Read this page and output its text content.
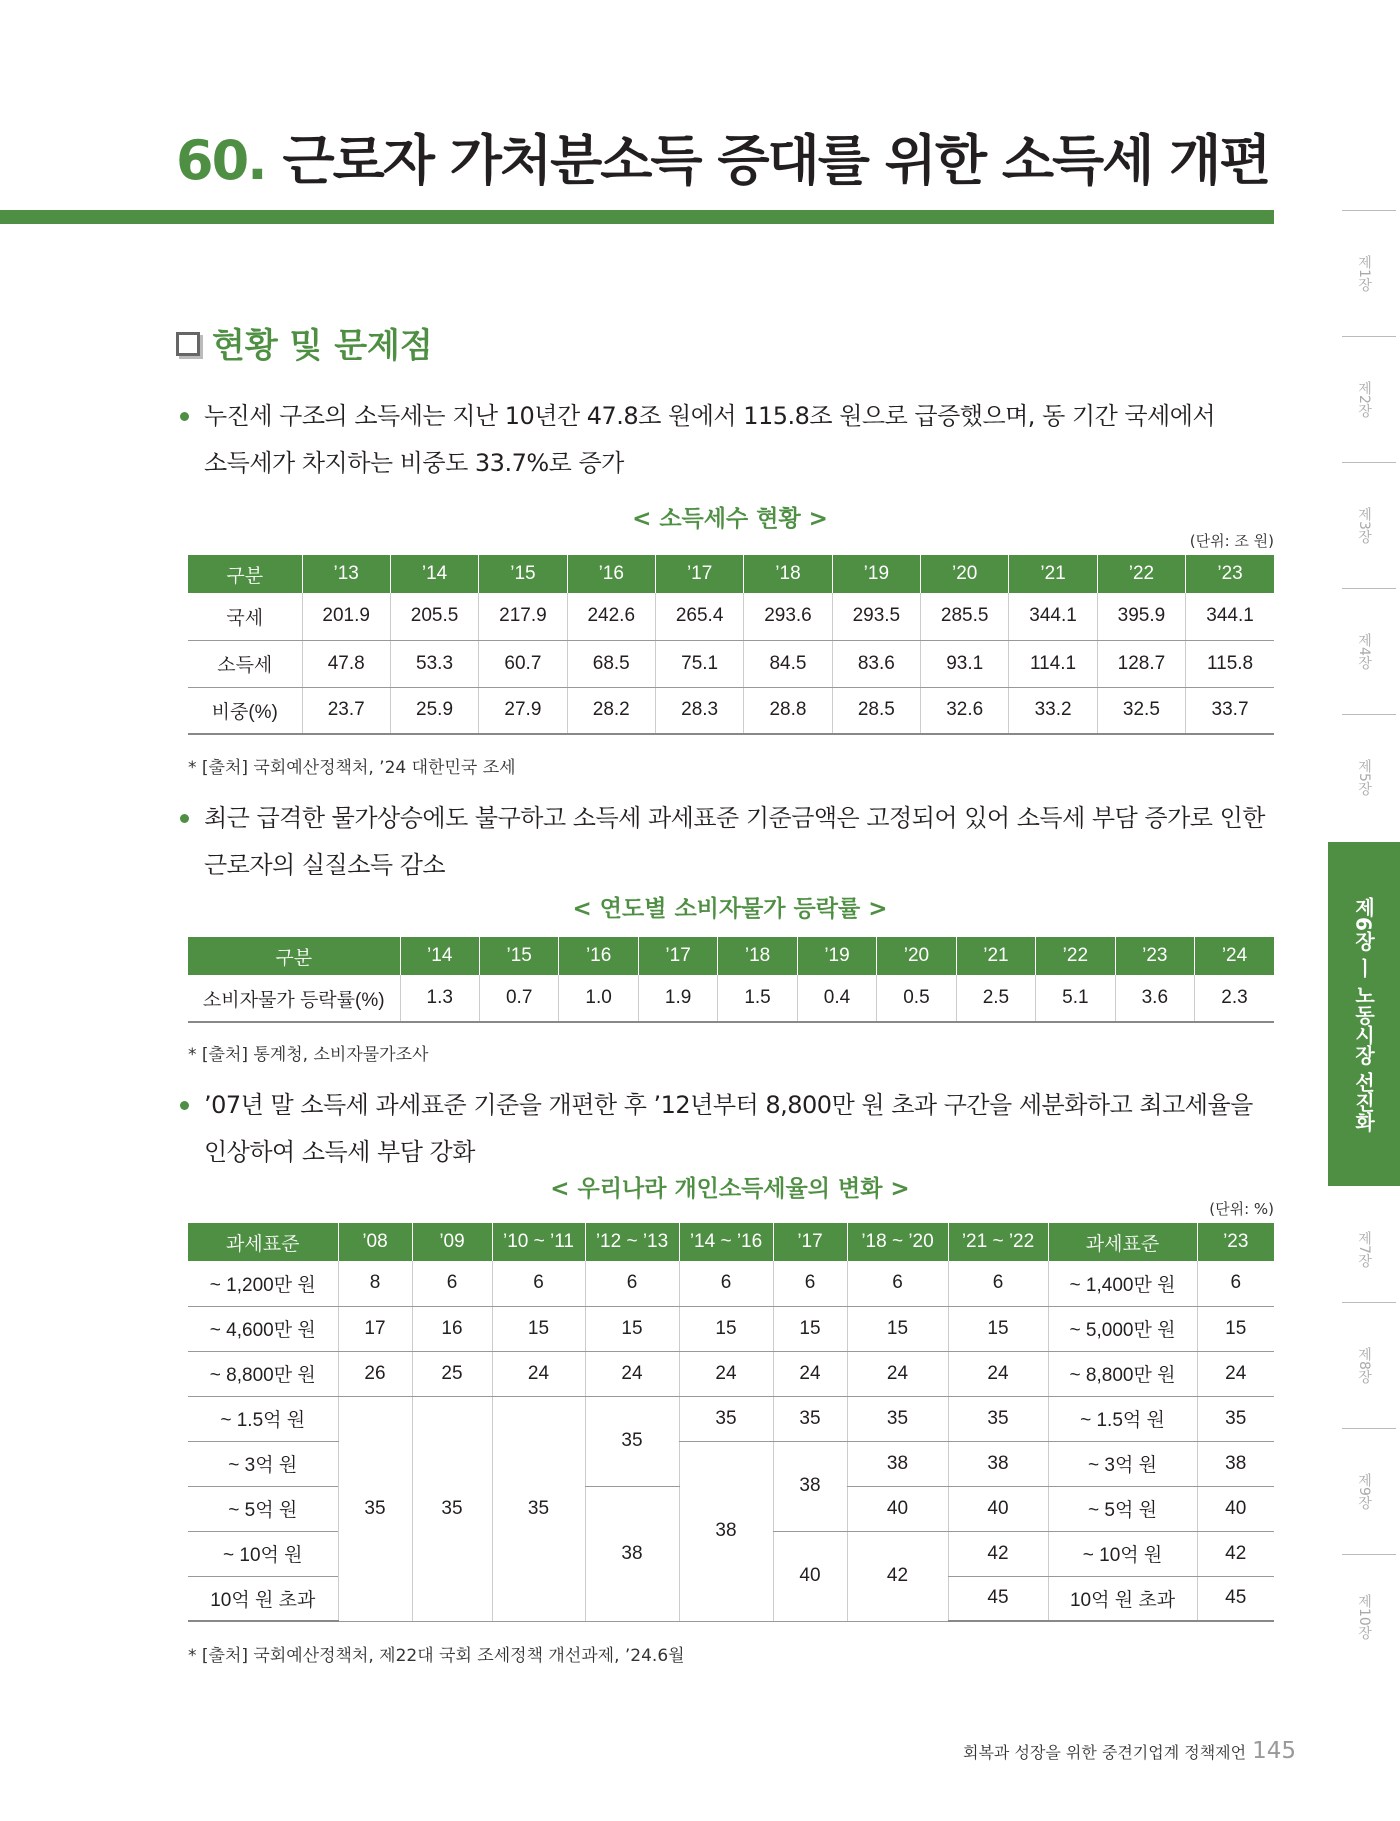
60. 근로자 가처분소득 증대를 위한 소득세 개편
현황 및 문제점
누진세 구조의 소득세는 지난 10년간 47.8조 원에서 115.8조 원으로 급증했으며, 동 기간 국세에서
소득세가 차지하는 비중도 33.7%로 증가
< 소득세수 현황 >
(단위: 조 원)
구분	’13	’14	’15	’16	’17	’18	’19	’20	’21	’22	’23
국세	201.9	205.5	217.9	242.6	265.4	293.6	293.5	285.5	344.1	395.9	344.1
소득세	47.8	53.3	60.7	68.5	75.1	84.5	83.6	93.1	114.1	128.7	115.8
비중(%)	23.7	25.9	27.9	28.2	28.3	28.8	28.5	32.6	33.2	32.5	33.7
* [출처] 국회예산정책처, ’24 대한민국 조세
최근 급격한 물가상승에도 불구하고 소득세 과세표준 기준금액은 고정되어 있어 소득세 부담 증가로 인한
근로자의 실질소득 감소
< 연도별 소비자물가 등락률 >
구분	’14	’15	’16	’17	’18	’19	’20	’21	’22	’23	’24
소비자물가 등락률(%)	1.3	0.7	1.0	1.9	1.5	0.4	0.5	2.5	5.1	3.6	2.3
* [출처] 통계청, 소비자물가조사
’07년 말 소득세 과세표준 기준을 개편한 후 ’12년부터 8,800만 원 초과 구간을 세분화하고 최고세율을
인상하여 소득세 부담 강화
< 우리나라 개인소득세율의 변화 >
(단위: %)
과세표준	’08	’09	’10 ~ ’11	’12 ~ ’13	’14 ~ ’16	’17	’18 ~ ’20	’21 ~ ’22	과세표준	’23
~ 1,200만 원	8	6	6	6	6	6	6	6	~ 1,400만 원	6
~ 4,600만 원	17	16	15	15	15	15	15	15	~ 5,000만 원	15
~ 8,800만 원	26	25	24	24	24	24	24	24	~ 8,800만 원	24
~ 1.5억 원	35	35	35	35	35	35	35	35	~ 1.5억 원	35
~ 3억 원					38	38	38	38	~ 3억 원	38
~ 5억 원				38			40	40	~ 5억 원	40
~ 10억 원						40	42	42	~ 10억 원	42
10억 원 초과								45	10억 원 초과	45
* [출처] 국회예산정책처, 제22대 국회 조세정책 개선과제, ’24.6월
제1장
제2장
제3장
제4장
제5장
제6장 ㅣ 노동시장 선진화
제7장
제8장
제9장
제10장
회복과 성장을 위한 중견기업계 정책제언 145
